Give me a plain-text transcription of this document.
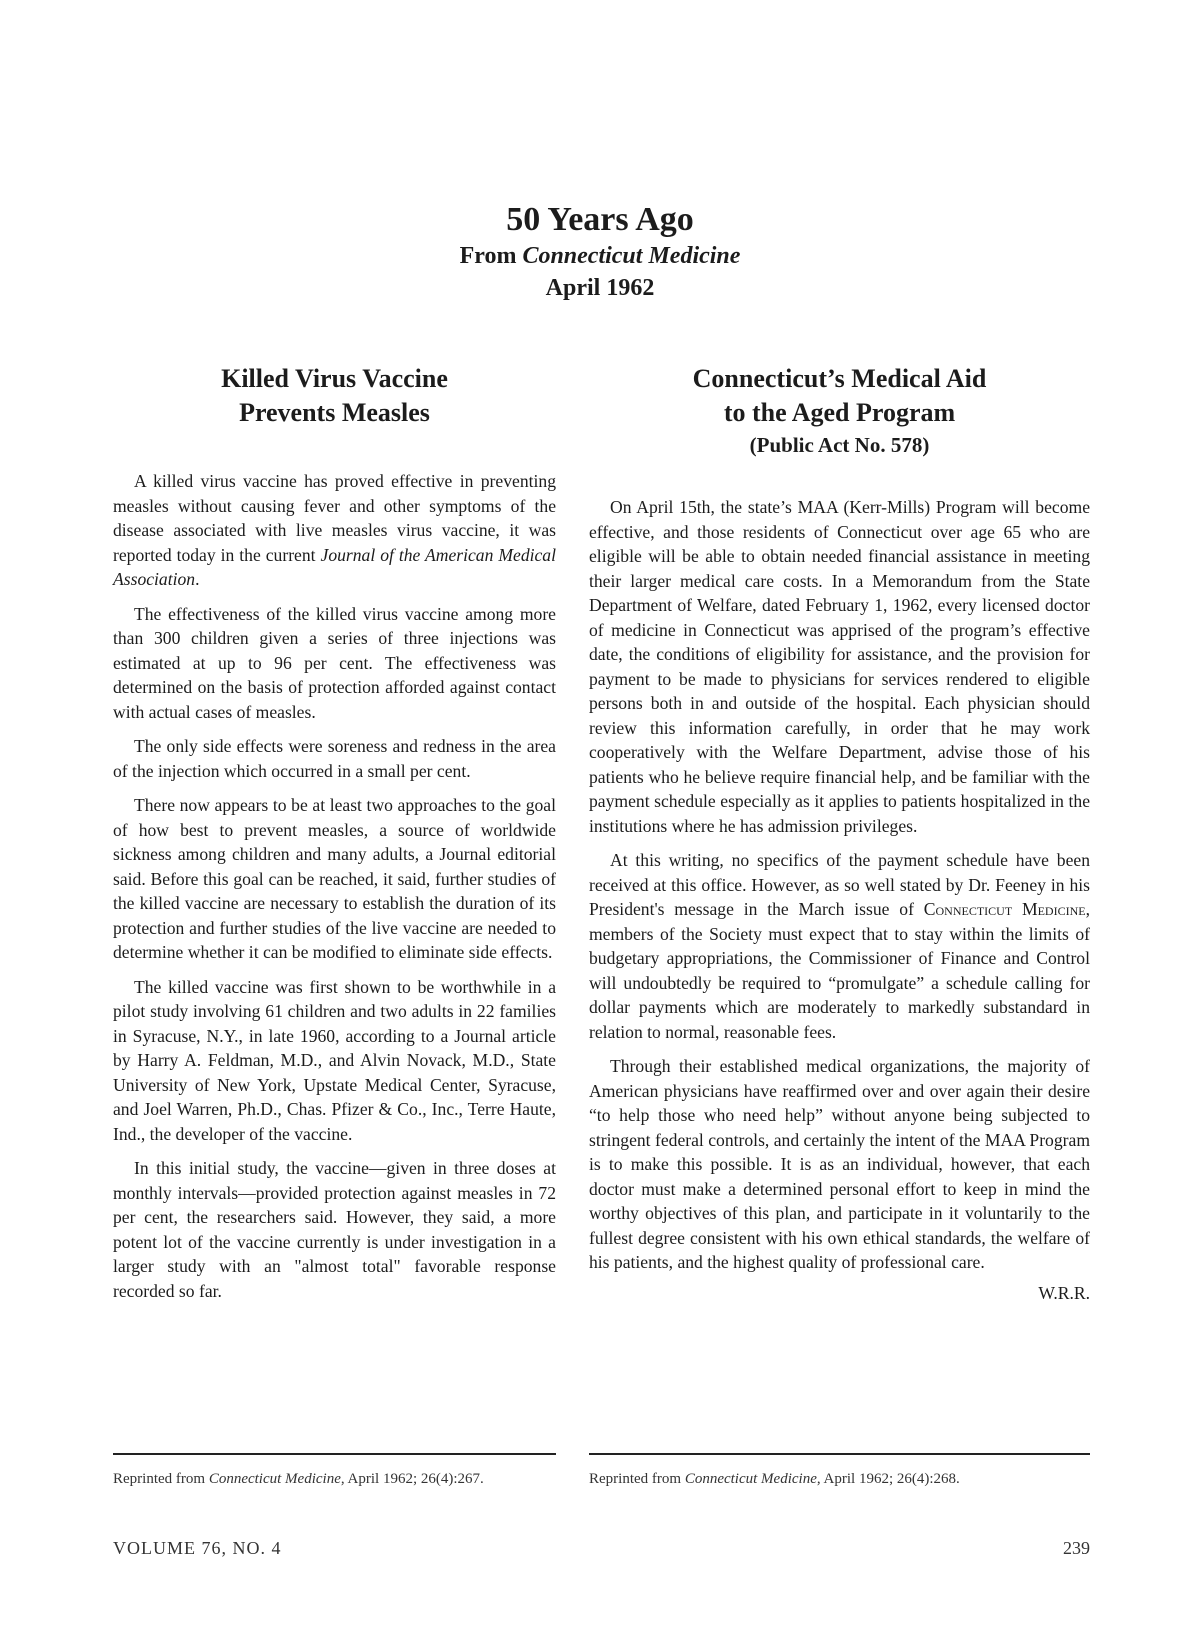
50 Years Ago
From Connecticut Medicine
April 1962
Killed Virus Vaccine
Prevents Measles

A killed virus vaccine has proved effective in preventing measles without causing fever and other symptoms of the disease associated with live measles virus vaccine, it was reported today in the current Journal of the American Medical Association.

The effectiveness of the killed virus vaccine among more than 300 children given a series of three injections was estimated at up to 96 per cent. The effectiveness was determined on the basis of protection afforded against contact with actual cases of measles.

The only side effects were soreness and redness in the area of the injection which occurred in a small per cent.

There now appears to be at least two approaches to the goal of how best to prevent measles, a source of worldwide sickness among children and many adults, a Journal editorial said. Before this goal can be reached, it said, further studies of the killed vaccine are necessary to establish the duration of its protection and further studies of the live vaccine are needed to determine whether it can be modified to eliminate side effects.

The killed vaccine was first shown to be worthwhile in a pilot study involving 61 children and two adults in 22 families in Syracuse, N.Y., in late 1960, according to a Journal article by Harry A. Feldman, M.D., and Alvin Novack, M.D., State University of New York, Upstate Medical Center, Syracuse, and Joel Warren, Ph.D., Chas. Pfizer & Co., Inc., Terre Haute, Ind., the developer of the vaccine.

In this initial study, the vaccine—given in three doses at monthly intervals—provided protection against measles in 72 per cent, the researchers said. However, they said, a more potent lot of the vaccine currently is under investigation in a larger study with an "almost total" favorable response recorded so far.

Connecticut’s Medical Aid
to the Aged Program
(Public Act No. 578)

On April 15th, the state’s MAA (Kerr-Mills) Program will become effective, and those residents of Connecticut over age 65 who are eligible will be able to obtain needed financial assistance in meeting their larger medical care costs. In a Memorandum from the State Department of Welfare, dated February 1, 1962, every licensed doctor of medicine in Connecticut was apprised of the program’s effective date, the conditions of eligibility for assistance, and the provision for payment to be made to physicians for services rendered to eligible persons both in and outside of the hospital. Each physician should review this information carefully, in order that he may work cooperatively with the Welfare Department, advise those of his patients who he believe require financial help, and be familiar with the payment schedule especially as it applies to patients hospitalized in the institutions where he has admission privileges.

At this writing, no specifics of the payment schedule have been received at this office. However, as so well stated by Dr. Feeney in his President's message in the March issue of Connecticut Medicine, members of the Society must expect that to stay within the limits of budgetary appropriations, the Commissioner of Finance and Control will undoubtedly be required to “promulgate” a schedule calling for dollar payments which are moderately to markedly substandard in relation to normal, reasonable fees.

Through their established medical organizations, the majority of American physicians have reaffirmed over and over again their desire “to help those who need help” without anyone being subjected to stringent federal controls, and certainly the intent of the MAA Program is to make this possible. It is as an individual, however, that each doctor must make a determined personal effort to keep in mind the worthy objectives of this plan, and participate in it voluntarily to the fullest degree consistent with his own ethical standards, the welfare of his patients, and the highest quality of professional care.

W.R.R.
Reprinted from Connecticut Medicine, April 1962; 26(4):267.	Reprinted from Connecticut Medicine, April 1962; 26(4):268.
VOLUME 76, NO. 4	239
